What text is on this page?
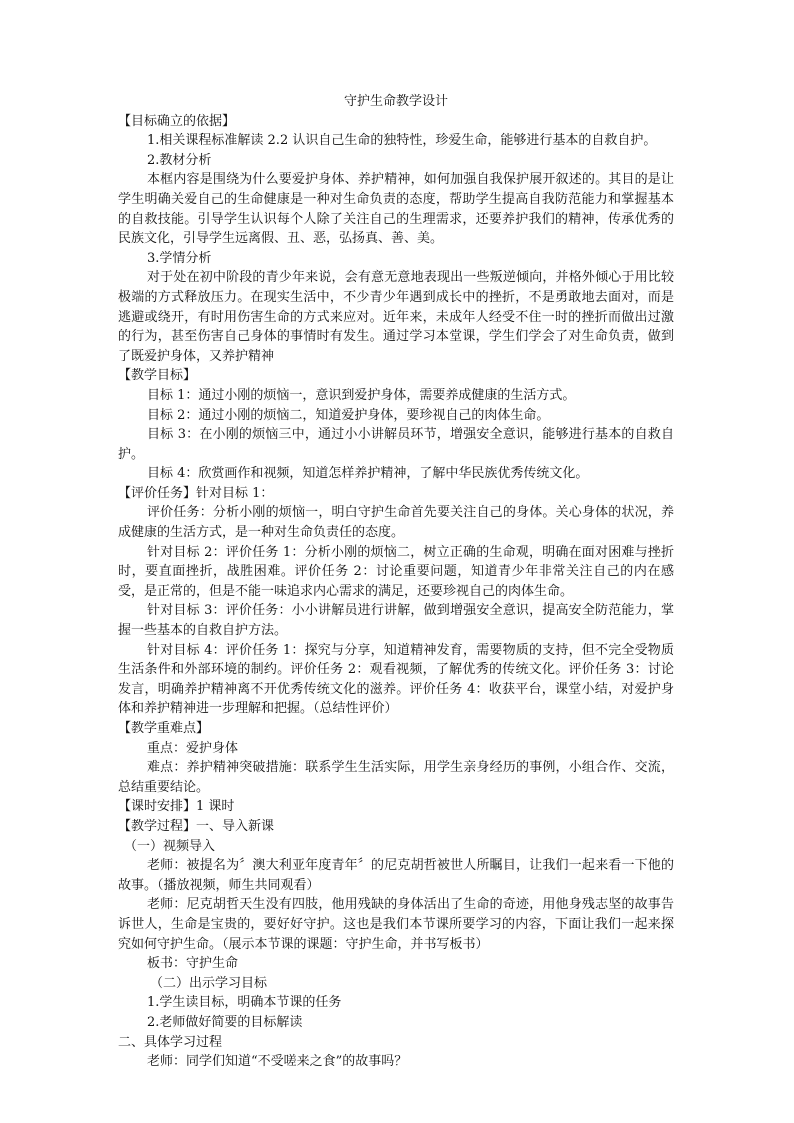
守护生命教学设计

【目标确立的依据】

1.相关课程标准解读 2.2 认识自己生命的独特性，珍爱生命，能够进行基本的自救自护。

2.教材分析

本框内容是围绕为什么要爱护身体、养护精神，如何加强自我保护展开叙述的。其目的是让学生明确关爱自己的生命健康是一种对生命负责的态度，帮助学生提高自我防范能力和掌握基本的自救技能。引导学生认识每个人除了关注自己的生理需求，还要养护我们的精神，传承优秀的民族文化，引导学生远离假、丑、恶，弘扬真、善、美。

3.学情分析

对于处在初中阶段的青少年来说，会有意无意地表现出一些叛逆倾向，并格外倾心于用比较极端的方式释放压力。在现实生活中，不少青少年遇到成长中的挫折，不是勇敢地去面对，而是逃避或绕开，有时用伤害生命的方式来应对。近年来，未成年人经受不住一时的挫折而做出过激的行为，甚至伤害自己身体的事情时有发生。通过学习本堂课，学生们学会了对生命负责，做到了既爱护身体，又养护精神

【教学目标】

目标 1：通过小刚的烦恼一，意识到爱护身体，需要养成健康的生活方式。

目标 2：通过小刚的烦恼二，知道爱护身体，要珍视自己的肉体生命。

目标 3：在小刚的烦恼三中，通过小小讲解员环节，增强安全意识，能够进行基本的自救自护。

目标 4：欣赏画作和视频，知道怎样养护精神，了解中华民族优秀传统文化。

【评价任务】针对目标 1：

评价任务：分析小刚的烦恼一，明白守护生命首先要关注自己的身体。关心身体的状况，养成健康的生活方式，是一种对生命负责任的态度。

针对目标 2：评价任务 1：分析小刚的烦恼二，树立正确的生命观，明确在面对困难与挫折时，要直面挫折，战胜困难。评价任务 2：讨论重要问题，知道青少年非常关注自己的内在感受，是正常的，但是不能一味追求内心需求的满足，还要珍视自己的肉体生命。

针对目标 3：评价任务：小小讲解员进行讲解，做到增强安全意识，提高安全防范能力，掌握一些基本的自救自护方法。

针对目标 4：评价任务 1：探究与分享，知道精神发育，需要物质的支持，但不完全受物质生活条件和外部环境的制约。评价任务 2：观看视频，了解优秀的传统文化。评价任务 3：讨论发言，明确养护精神离不开优秀传统文化的滋养。评价任务 4：收获平台，课堂小结，对爱护身体和养护精神进一步理解和把握。（总结性评价）

【教学重难点】

重点：爱护身体

难点：养护精神突破措施：联系学生生活实际，用学生亲身经历的事例，小组合作、交流，总结重要结论。

【课时安排】1 课时

【教学过程】一、导入新课

（一）视频导入

老师：被提名为〞澳大利亚年度青年〞的尼克胡哲被世人所瞩目，让我们一起来看一下他的故事。（播放视频，师生共同观看）

老师：尼克胡哲天生没有四肢，他用残缺的身体活出了生命的奇迹，用他身残志坚的故事告诉世人，生命是宝贵的，要好好守护。这也是我们本节课所要学习的内容，下面让我们一起来探究如何守护生命。（展示本节课的课题：守护生命，并书写板书）

板书：守护生命

（二）出示学习目标

1.学生读目标，明确本节课的任务

2.老师做好简要的目标解读

二、具体学习过程

老师：同学们知道“不受嗟来之食”的故事吗？
